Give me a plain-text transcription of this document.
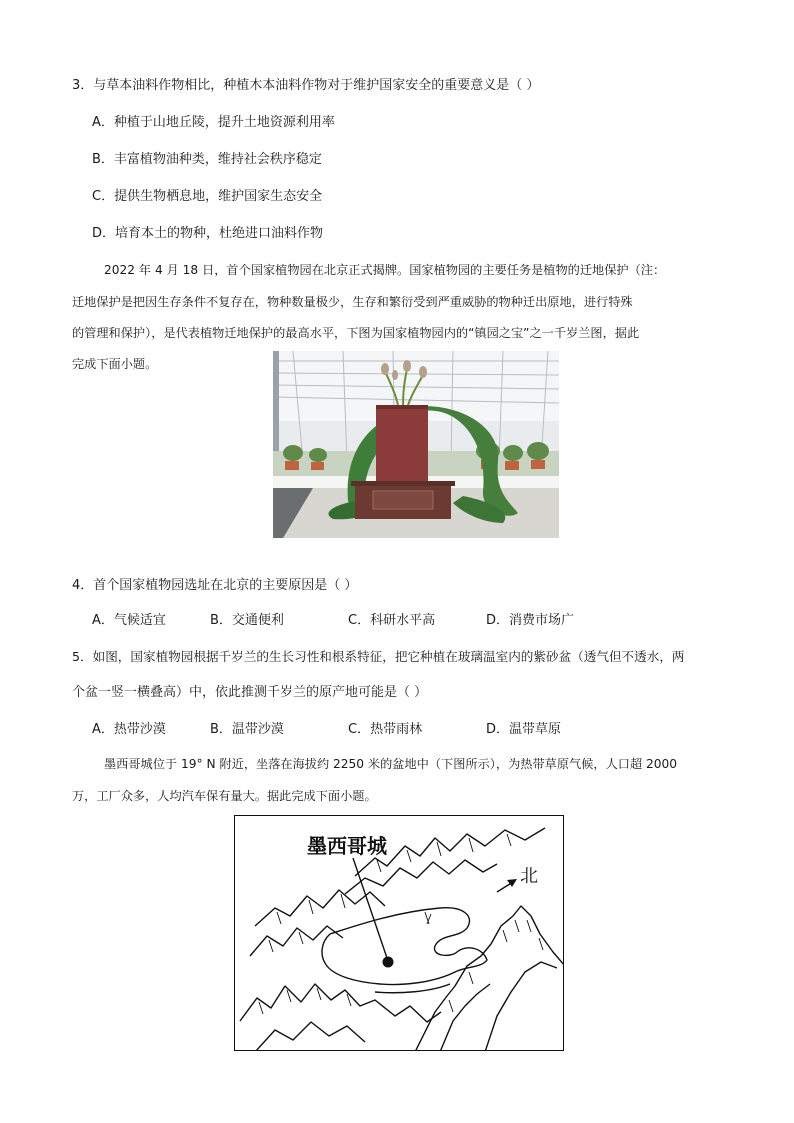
3．与草本油料作物相比，种植木本油料作物对于维护国家安全的重要意义是（ ）
A．种植于山地丘陵，提升土地资源利用率
B．丰富植物油种类，维持社会秩序稳定
C．提供生物栖息地，维护国家生态安全
D．培育本土的物种，杜绝进口油料作物
2022 年 4 月 18 日，首个国家植物园在北京正式揭牌。国家植物园的主要任务是植物的迁地保护（注：
迁地保护是把因生存条件不复存在，物种数量极少，生存和繁衍受到严重威胁的物种迁出原地，进行特殊
的管理和保护），是代表植物迁地保护的最高水平，下图为国家植物园内的“镇园之宝”之一千岁兰图，据此
完成下面小题。
4．首个国家植物园选址在北京的主要原因是（ ）
A．气候适宜	B．交通便利	C．科研水平高	D．消费市场广
5．如图，国家植物园根据千岁兰的生长习性和根系特征，把它种植在玻璃温室内的紫砂盆（透气但不透水，两
个盆一竖一横叠高）中，依此推测千岁兰的原产地可能是（ ）
A．热带沙漠	B．温带沙漠	C．热带雨林	D．温带草原
墨西哥城位于 19° N 附近，坐落在海拔约 2250 米的盆地中（下图所示），为热带草原气候，人口超 2000
万，工厂众多，人均汽车保有量大。据此完成下面小题。
墨西哥城
北
